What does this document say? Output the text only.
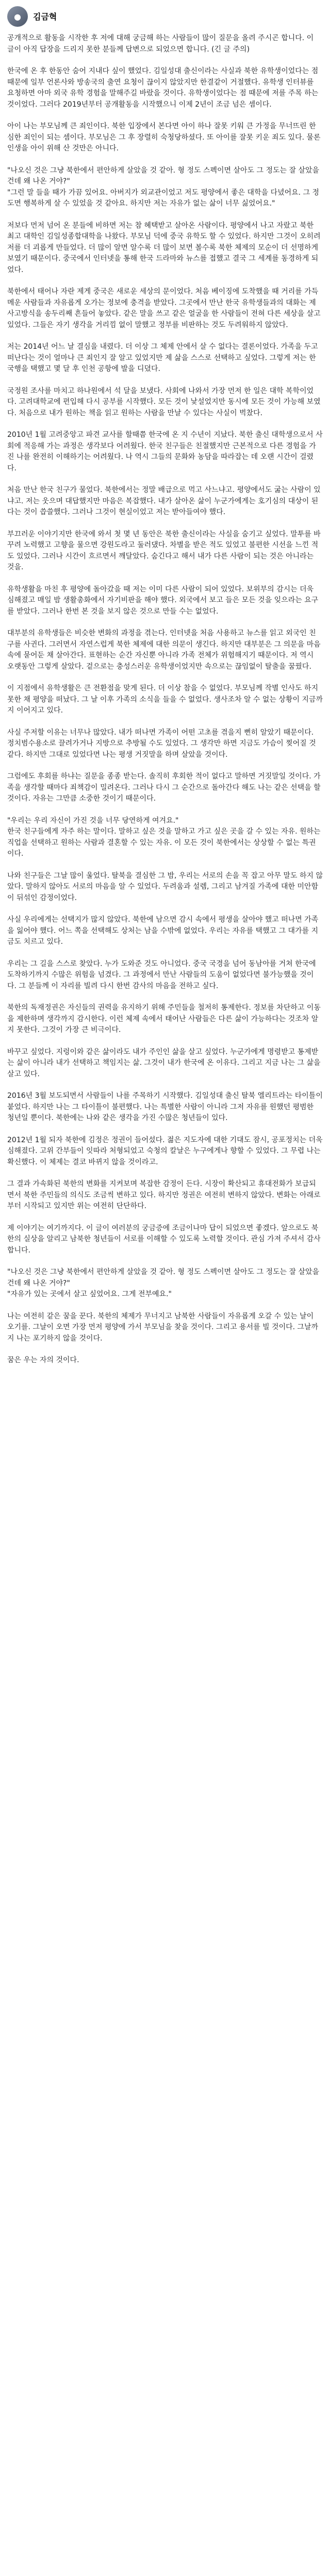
● 김금혁

공개적으로 활동을 시작한 후 저에 대해 궁금해 하는 사람들이 많이 질문을 올려 주시곤 합니다. 이 글이 아직 답장을 드리지 못한 분들께 답변으로 되었으면 합니다. (긴 글 주의)

한국에 온 후 한동안 숨어 지내다 싶이 했었다. 김일성대 출신이라는 사실과 북한 유학생이었다는 점 때문에 일부 언론사와 방송국의 출연 요청이 끊이지 않았지만 한결같이 거절했다. 유학생 인터뷰를 요청하면 아마 외국 유학 경험을 말해주길 바랐을 것이다. 유학생이었다는 점 때문에 저를 주목 하는 것이었다. 그러다 2019년부터 공개활동을 시작했으니 이제 2년이 조금 넘은 셈이다.

아이 나는 부모님께 큰 죄인이다. 북한 입장에서 본다면 아이 하나 잘못 키워 큰 가정을 무너뜨린 한심한 죄인이 되는 셈이다. 부모님은 그 후 장렬히 숙청당하셨다. 또 아이를 잘못 키운 죄도 있다. 물론 인생을 아이 위해 산 것만은 아니다.

"나오신 것은 그냥 북한에서 편안하게 살았을 것 같아. 형 정도 스펙이면 살아도 그 정도는 잘 살았을 건데 왜 나온 거야?"
"그런 말 들을 때가 가끔 있어요. 아버지가 외교관이었고 저도 평양에서 좋은 대학을 다녔어요. 그 정도면 행복하게 살 수 있었을 것 같아요. 하지만 저는 자유가 없는 삶이 너무 싫었어요."

저보다 먼저 넘어 온 분들에 비하면 저는 참 혜택받고 살아온 사람이다. 평양에서 나고 자랐고 북한 최고 대학인 김일성종합대학을 나왔다. 부모님 덕에 중국 유학도 할 수 있었다. 하지만 그것이 오히려 저를 더 괴롭게 만들었다. 더 많이 알면 알수록 더 많이 보면 볼수록 북한 체제의 모순이 더 선명하게 보였기 때문이다. 중국에서 인터넷을 통해 한국 드라마와 뉴스를 접했고 결국 그 세계를 동경하게 되었다.

북한에서 태어나 자란 제게 중국은 새로운 세상의 문이었다. 처음 베이징에 도착했을 때 거리를 가득 메운 사람들과 자유롭게 오가는 정보에 충격을 받았다. 그곳에서 만난 한국 유학생들과의 대화는 제 사고방식을 송두리째 흔들어 놓았다. 같은 말을 쓰고 같은 얼굴을 한 사람들이 전혀 다른 세상을 살고 있었다. 그들은 자기 생각을 거리낌 없이 말했고 정부를 비판하는 것도 두려워하지 않았다.

저는 2014년 어느 날 결심을 내렸다. 더 이상 그 체제 안에서 살 수 없다는 결론이었다. 가족을 두고 떠난다는 것이 얼마나 큰 죄인지 잘 알고 있었지만 제 삶을 스스로 선택하고 싶었다. 그렇게 저는 한국행을 택했고 몇 달 후 인천 공항에 발을 디뎠다.

국정원 조사를 마치고 하나원에서 석 달을 보냈다. 사회에 나와서 가장 먼저 한 일은 대학 복학이었다. 고려대학교에 편입해 다시 공부를 시작했다. 모든 것이 낯설었지만 동시에 모든 것이 가능해 보였다. 처음으로 내가 원하는 책을 읽고 원하는 사람을 만날 수 있다는 사실이 벅찼다.

2010년 1월 고려중앙고 파견 교사를 할때쯤 한국에 온 지 수년이 지났다. 북한 출신 대학생으로서 사회에 적응해 가는 과정은 생각보다 어려웠다. 한국 친구들은 친절했지만 근본적으로 다른 경험을 가진 나를 완전히 이해하기는 어려웠다. 나 역시 그들의 문화와 농담을 따라잡는 데 오랜 시간이 걸렸다.

처음 만난 한국 친구가 물었다. 북한에서는 정말 배급으로 먹고 사느냐고. 평양에서도 굶는 사람이 있냐고. 저는 웃으며 대답했지만 마음은 복잡했다. 내가 살아온 삶이 누군가에게는 호기심의 대상이 된다는 것이 씁쓸했다. 그러나 그것이 현실이었고 저는 받아들여야 했다.

부끄러운 이야기지만 한국에 와서 첫 몇 년 동안은 북한 출신이라는 사실을 숨기고 싶었다. 말투를 바꾸려 노력했고 고향을 물으면 강원도라고 둘러댔다. 차별을 받은 적도 있었고 불편한 시선을 느낀 적도 있었다. 그러나 시간이 흐르면서 깨달았다. 숨긴다고 해서 내가 다른 사람이 되는 것은 아니라는 것을.

유학생활을 마친 후 평양에 돌아갔을 때 저는 이미 다른 사람이 되어 있었다. 보위부의 감시는 더욱 심해졌고 매일 밤 생활총화에서 자기비판을 해야 했다. 외국에서 보고 들은 모든 것을 잊으라는 요구를 받았다. 그러나 한번 본 것을 보지 않은 것으로 만들 수는 없었다.

대부분의 유학생들은 비슷한 변화의 과정을 겪는다. 인터넷을 처음 사용하고 뉴스를 읽고 외국인 친구를 사귄다. 그러면서 자연스럽게 북한 체제에 대한 의문이 생긴다. 하지만 대부분은 그 의문을 마음속에 묻어둔 채 살아간다. 표현하는 순간 자신뿐 아니라 가족 전체가 위험해지기 때문이다. 저 역시 오랫동안 그렇게 살았다. 겉으로는 충성스러운 유학생이었지만 속으로는 끊임없이 탈출을 꿈꿨다.

이 지점에서 유학생활은 큰 전환점을 맞게 된다. 더 이상 참을 수 없었다. 부모님께 작별 인사도 하지 못한 채 평양을 떠났다. 그 날 이후 가족의 소식을 들을 수 없었다. 생사조차 알 수 없는 상황이 지금까지 이어지고 있다.

사실 주저할 이유는 너무나 많았다. 내가 떠나면 가족이 어떤 고초를 겪을지 뻔히 알았기 때문이다. 정치범수용소로 끌려가거나 지방으로 추방될 수도 있었다. 그 생각만 하면 지금도 가슴이 찢어질 것 같다. 하지만 그대로 있었다면 나는 평생 거짓말을 하며 살았을 것이다.

그럼에도 후회를 하냐는 질문을 종종 받는다. 솔직히 후회한 적이 없다고 말하면 거짓말일 것이다. 가족을 생각할 때마다 죄책감이 밀려온다. 그러나 다시 그 순간으로 돌아간다 해도 나는 같은 선택을 할 것이다. 자유는 그만큼 소중한 것이기 때문이다.

"우리는 우리 자신이 가진 것을 너무 당연하게 여겨요."
한국 친구들에게 자주 하는 말이다. 말하고 싶은 것을 말하고 가고 싶은 곳을 갈 수 있는 자유. 원하는 직업을 선택하고 원하는 사람과 결혼할 수 있는 자유. 이 모든 것이 북한에서는 상상할 수 없는 특권이다.

나와 친구들은 그날 많이 울었다. 탈북을 결심한 그 밤, 우리는 서로의 손을 꼭 잡고 아무 말도 하지 않았다. 말하지 않아도 서로의 마음을 알 수 있었다. 두려움과 설렘, 그리고 남겨질 가족에 대한 미안함이 뒤섞인 감정이었다.

사실 우리에게는 선택지가 많지 않았다. 북한에 남으면 감시 속에서 평생을 살아야 했고 떠나면 가족을 잃어야 했다. 어느 쪽을 선택해도 상처는 남을 수밖에 없었다. 우리는 자유를 택했고 그 대가를 지금도 치르고 있다.

우리는 그 길을 스스로 찾았다. 누가 도와준 것도 아니었다. 중국 국경을 넘어 동남아를 거쳐 한국에 도착하기까지 수많은 위험을 넘겼다. 그 과정에서 만난 사람들의 도움이 없었다면 불가능했을 것이다. 그 분들께 이 자리를 빌려 다시 한번 감사의 마음을 전하고 싶다.

북한의 독재정권은 자신들의 권력을 유지하기 위해 주민들을 철저히 통제한다. 정보를 차단하고 이동을 제한하며 생각까지 감시한다. 이런 체제 속에서 태어난 사람들은 다른 삶이 가능하다는 것조차 알지 못한다. 그것이 가장 큰 비극이다.

바꾸고 싶었다. 지렁이와 같은 삶이라도 내가 주인인 삶을 살고 싶었다. 누군가에게 명령받고 통제받는 삶이 아니라 내가 선택하고 책임지는 삶. 그것이 내가 한국에 온 이유다. 그리고 지금 나는 그 삶을 살고 있다.

2016년 3월 보도되면서 사람들이 나를 주목하기 시작했다. 김일성대 출신 탈북 엘리트라는 타이틀이 붙었다. 하지만 나는 그 타이틀이 불편했다. 나는 특별한 사람이 아니라 그저 자유를 원했던 평범한 청년일 뿐이다. 북한에는 나와 같은 생각을 가진 수많은 청년들이 있다.

2012년 1월 되자 북한에 김정은 정권이 들어섰다. 젊은 지도자에 대한 기대도 잠시, 공포정치는 더욱 심해졌다. 고위 간부들이 잇따라 처형되었고 숙청의 칼날은 누구에게나 향할 수 있었다. 그 무렵 나는 확신했다. 이 체제는 결코 바뀌지 않을 것이라고.

그 결과 가속화된 북한의 변화를 지켜보며 복잡한 감정이 든다. 시장이 확산되고 휴대전화가 보급되면서 북한 주민들의 의식도 조금씩 변하고 있다. 하지만 정권은 여전히 변하지 않았다. 변화는 아래로부터 시작되고 있지만 위는 여전히 단단하다.

제 이야기는 여기까지다. 이 글이 여러분의 궁금증에 조금이나마 답이 되었으면 좋겠다. 앞으로도 북한의 실상을 알리고 남북한 청년들이 서로를 이해할 수 있도록 노력할 것이다. 관심 가져 주셔서 감사합니다.

"나오신 것은 그냥 북한에서 편안하게 살았을 것 같아. 형 정도 스펙이면 살아도 그 정도는 잘 살았을 건데 왜 나온 거야?"
"자유가 있는 곳에서 살고 싶었어요. 그게 전부예요."

나는 여전히 같은 꿈을 꾼다. 북한의 체제가 무너지고 남북한 사람들이 자유롭게 오갈 수 있는 날이 오기를. 그날이 오면 가장 먼저 평양에 가서 부모님을 찾을 것이다. 그리고 용서를 빌 것이다. 그날까지 나는 포기하지 않을 것이다.

꿈은 우는 자의 것이다.
